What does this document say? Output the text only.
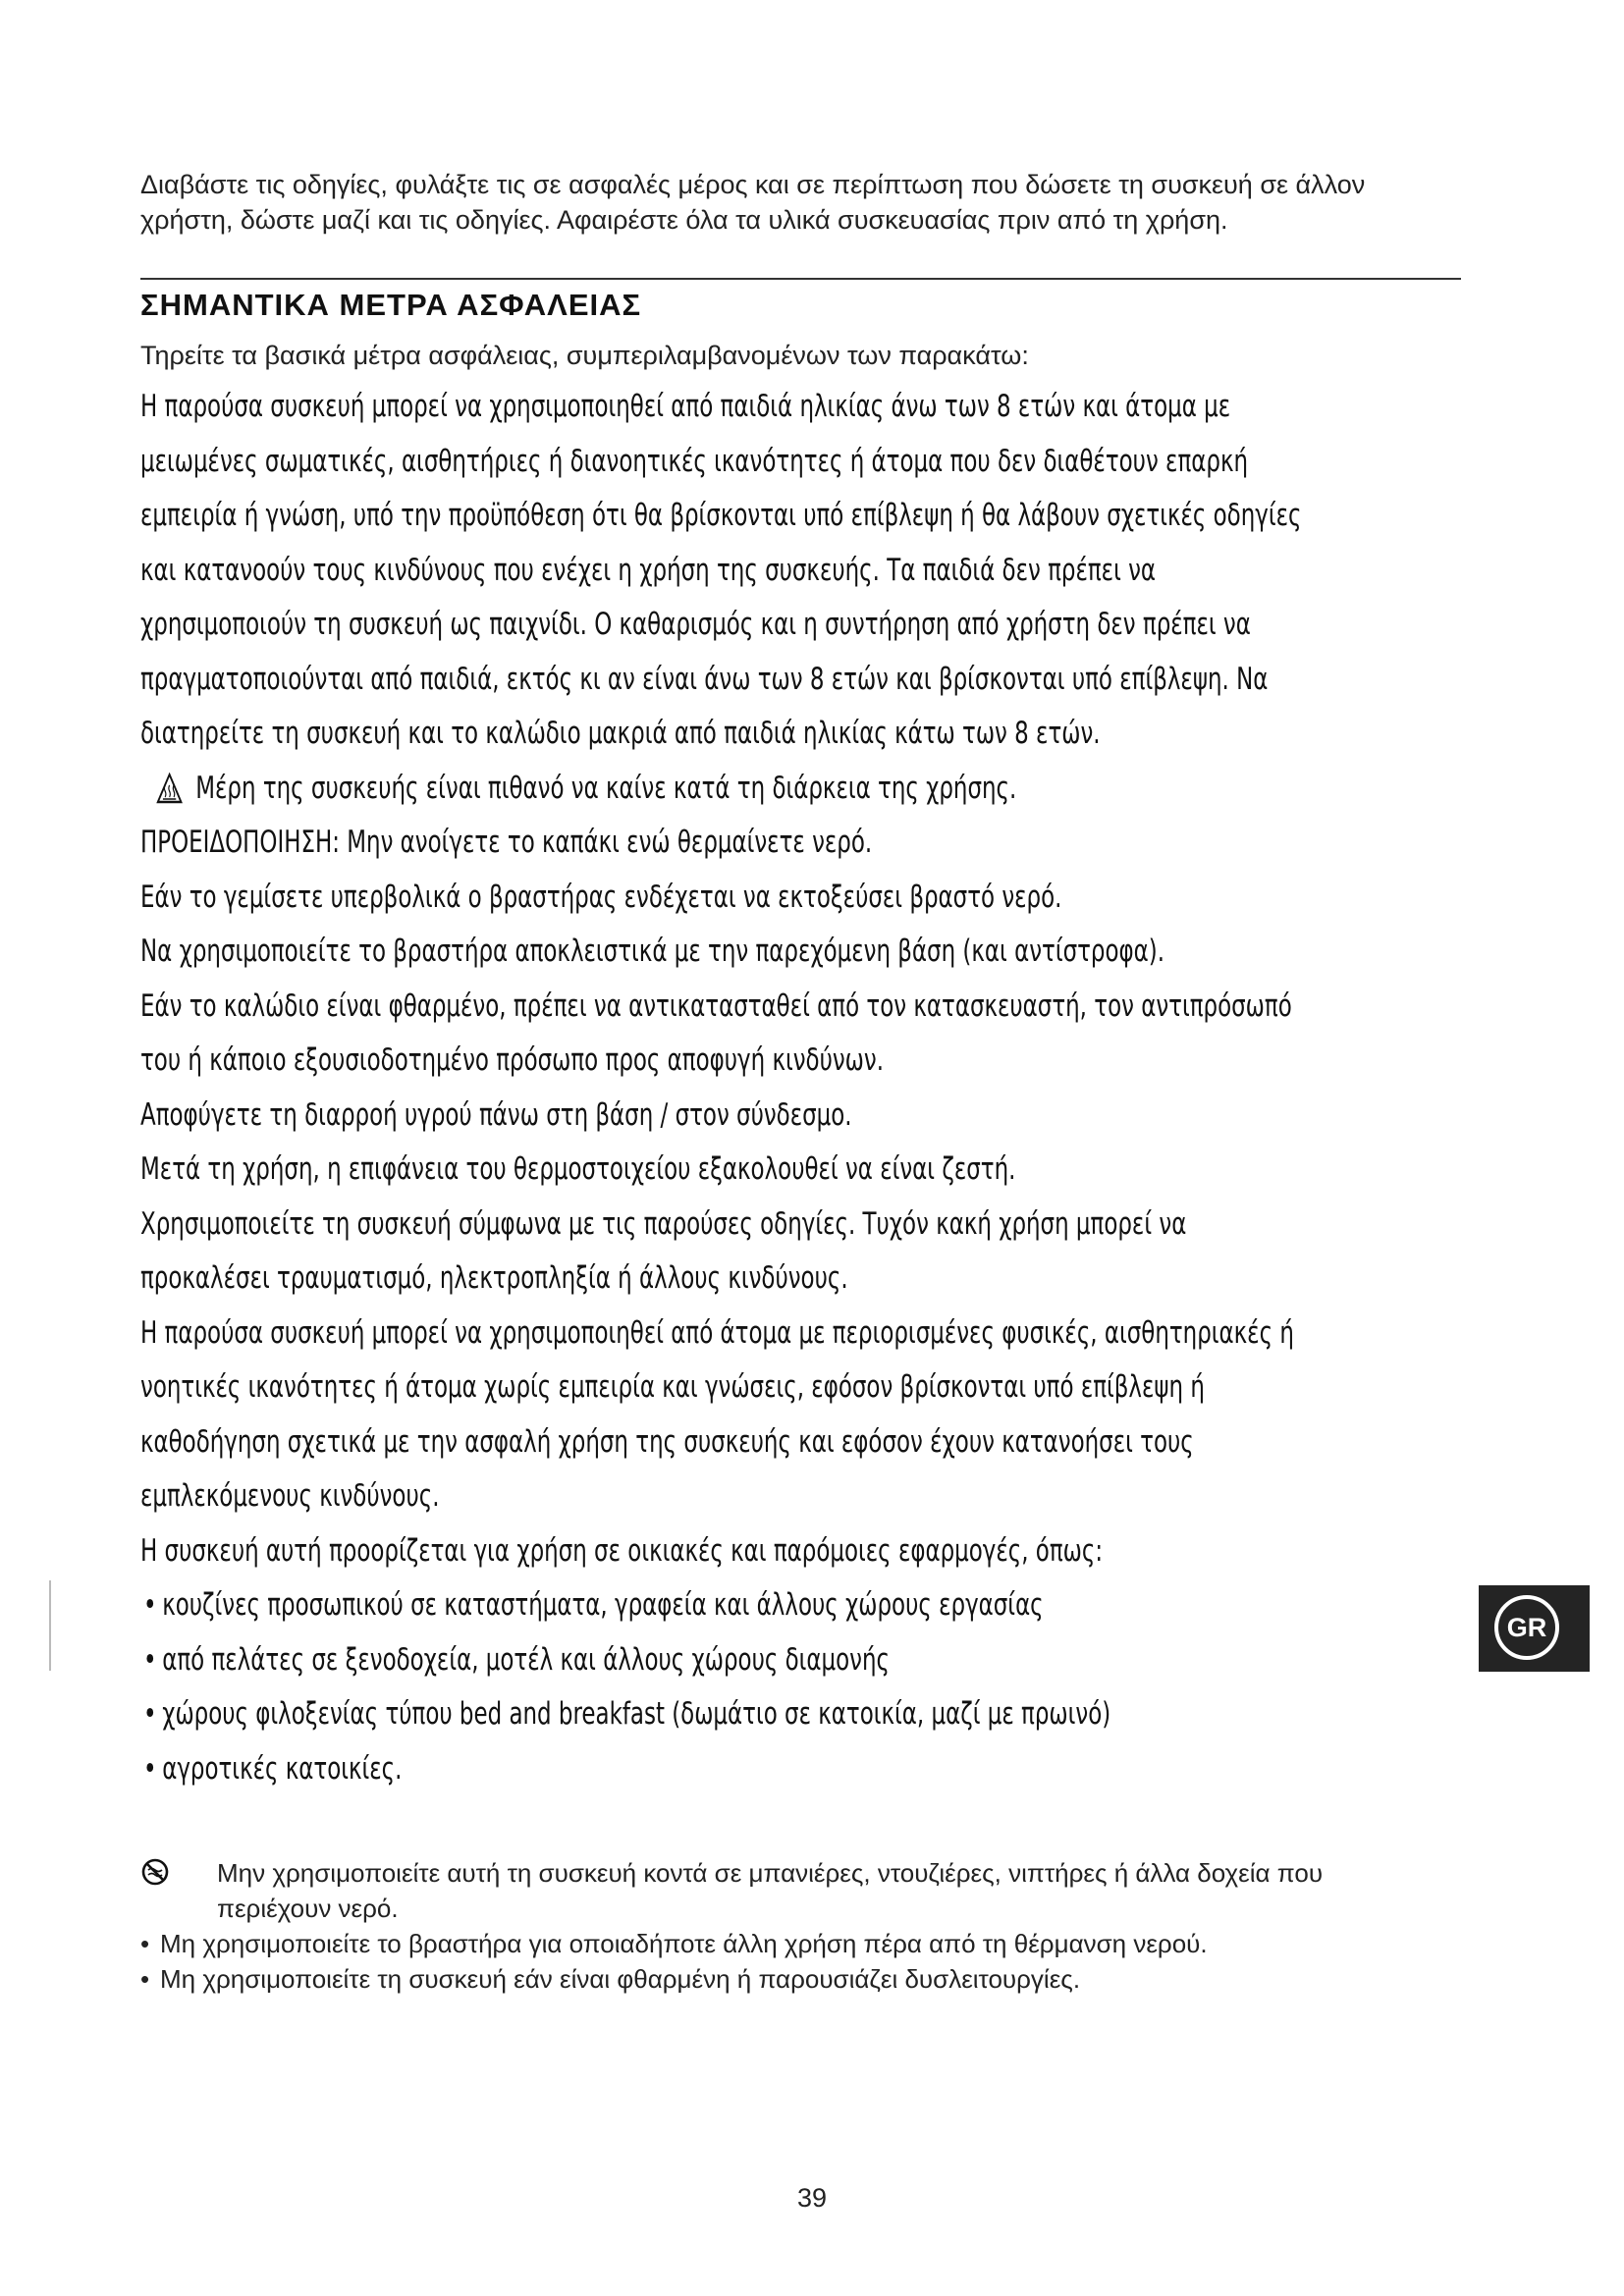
Διαβάστε τις οδηγίες, φυλάξτε τις σε ασφαλές μέρος και σε περίπτωση που δώσετε τη συσκευή σε άλλον
χρήστη, δώστε μαζί και τις οδηγίες. Αφαιρέστε όλα τα υλικά συσκευασίας πριν από τη χρήση.
ΣΗΜΑΝΤΙΚΑ ΜΕΤΡΑ ΑΣΦΑΛΕΙΑΣ
Τηρείτε τα βασικά μέτρα ασφάλειας, συμπεριλαμβανομένων των παρακάτω:

Η παρούσα συσκευή μπορεί να χρησιμοποιηθεί από παιδιά ηλικίας άνω των 8 ετών και άτομα με

μειωμένες σωματικές, αισθητήριες ή διανοητικές ικανότητες ή άτομα που δεν διαθέτουν επαρκή

εμπειρία ή γνώση, υπό την προϋπόθεση ότι θα βρίσκονται υπό επίβλεψη ή θα λάβουν σχετικές οδηγίες

και κατανοούν τους κινδύνους που ενέχει η χρήση της συσκευής. Τα παιδιά δεν πρέπει να

χρησιμοποιούν τη συσκευή ως παιχνίδι. Ο καθαρισμός και η συντήρηση από χρήστη δεν πρέπει να

πραγματοποιούνται από παιδιά, εκτός κι αν είναι άνω των 8 ετών και βρίσκονται υπό επίβλεψη. Να

διατηρείτε τη συσκευή και το καλώδιο μακριά από παιδιά ηλικίας κάτω των 8 ετών.

Μέρη της συσκευής είναι πιθανό να καίνε κατά τη διάρκεια της χρήσης.

ΠΡΟΕΙΔΟΠΟΙΗΣΗ: Μην ανοίγετε το καπάκι ενώ θερμαίνετε νερό.

Εάν το γεμίσετε υπερβολικά ο βραστήρας ενδέχεται να εκτοξεύσει βραστό νερό.

Να χρησιμοποιείτε το βραστήρα αποκλειστικά με την παρεχόμενη βάση (και αντίστροφα).

Εάν το καλώδιο είναι φθαρμένο, πρέπει να αντικατασταθεί από τον κατασκευαστή, τον αντιπρόσωπό

του ή κάποιο εξουσιοδοτημένο πρόσωπο προς αποφυγή κινδύνων.

Αποφύγετε τη διαρροή υγρού πάνω στη βάση / στον σύνδεσμο.

Μετά τη χρήση, η επιφάνεια του θερμοστοιχείου εξακολουθεί να είναι ζεστή.

Χρησιμοποιείτε τη συσκευή σύμφωνα με τις παρούσες οδηγίες. Τυχόν κακή χρήση μπορεί να

προκαλέσει τραυματισμό, ηλεκτροπληξία ή άλλους κινδύνους.

Η παρούσα συσκευή μπορεί να χρησιμοποιηθεί από άτομα με περιορισμένες φυσικές, αισθητηριακές ή

νοητικές ικανότητες ή άτομα χωρίς εμπειρία και γνώσεις, εφόσον βρίσκονται υπό επίβλεψη ή

καθοδήγηση σχετικά με την ασφαλή χρήση της συσκευής και εφόσον έχουν κατανοήσει τους

εμπλεκόμενους κινδύνους.

Η συσκευή αυτή προορίζεται για χρήση σε οικιακές και παρόμοιες εφαρμογές, όπως:

• κουζίνες προσωπικού σε καταστήματα, γραφεία και άλλους χώρους εργασίας
• από πελάτες σε ξενοδοχεία, μοτέλ και άλλους χώρους διαμονής
• χώρους φιλοξενίας τύπου bed and breakfast (δωμάτιο σε κατοικία, μαζί με πρωινό)
• αγροτικές κατοικίες.
Μην χρησιμοποιείτε αυτή τη συσκευή κοντά σε μπανιέρες, ντουζιέρες, νιπτήρες ή άλλα δοχεία που
περιέχουν νερό.
• Μη χρησιμοποιείτε το βραστήρα για οποιαδήποτε άλλη χρήση πέρα από τη θέρμανση νερού.
• Μη χρησιμοποιείτε τη συσκευή εάν είναι φθαρμένη ή παρουσιάζει δυσλειτουργίες.
GR
39
